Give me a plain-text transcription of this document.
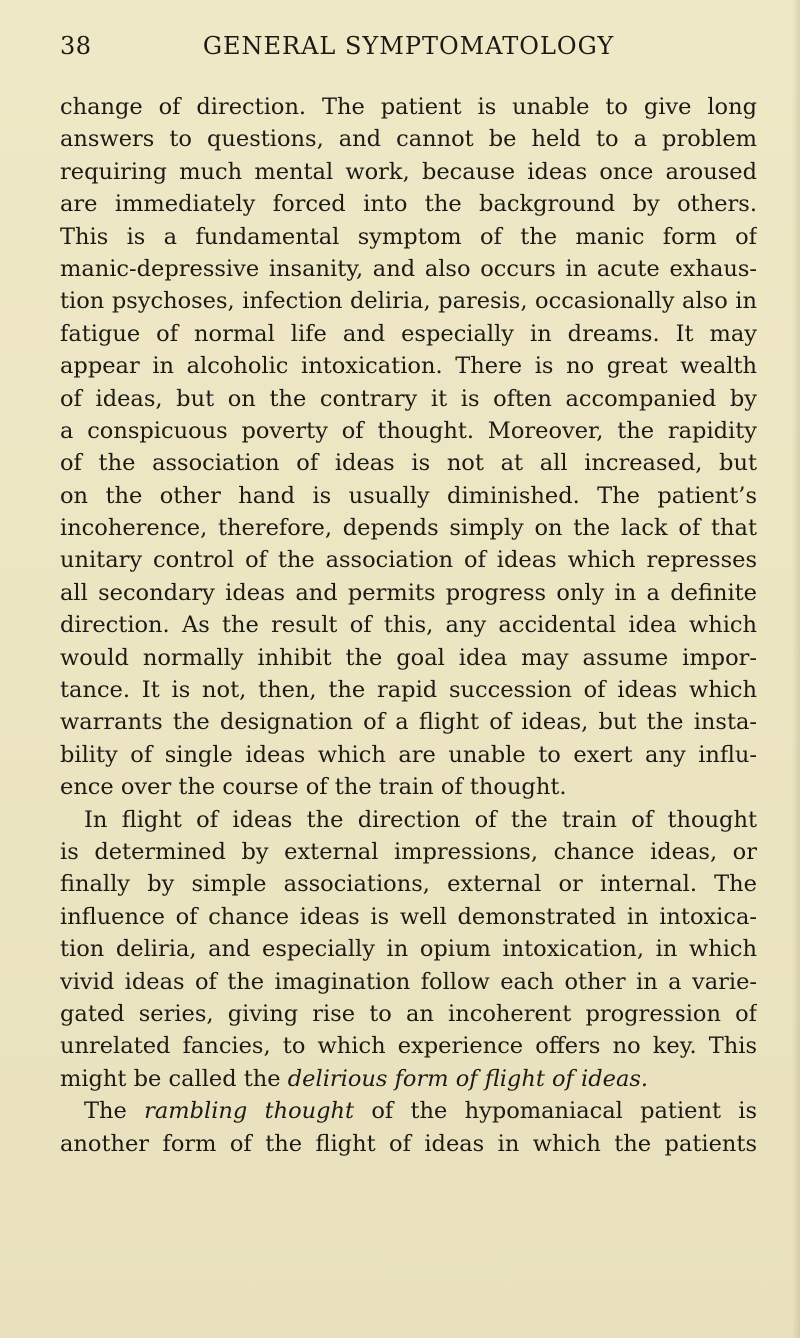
38	GENERAL SYMPTOMATOLOGY
change of direction. The patient is unable to give long
answers to questions, and cannot be held to a problem
requiring much mental work, because ideas once aroused
are immediately forced into the background by others.
This is a fundamental symptom of the manic form of
manic-depressive insanity, and also occurs in acute exhaus-
tion psychoses, infection deliria, paresis, occasionally also in
fatigue of normal life and especially in dreams. It may
appear in alcoholic intoxication. There is no great wealth
of ideas, but on the contrary it is often accompanied by
a conspicuous poverty of thought. Moreover, the rapidity
of the association of ideas is not at all increased, but
on the other hand is usually diminished. The patient’s
incoherence, therefore, depends simply on the lack of that
unitary control of the association of ideas which represses
all secondary ideas and permits progress only in a definite
direction. As the result of this, any accidental idea which
would normally inhibit the goal idea may assume impor-
tance. It is not, then, the rapid succession of ideas which
warrants the designation of a flight of ideas, but the insta-
bility of single ideas which are unable to exert any influ-
ence over the course of the train of thought.
In flight of ideas the direction of the train of thought
is determined by external impressions, chance ideas, or
finally by simple associations, external or internal. The
influence of chance ideas is well demonstrated in intoxica-
tion deliria, and especially in opium intoxication, in which
vivid ideas of the imagination follow each other in a varie-
gated series, giving rise to an incoherent progression of
unrelated fancies, to which experience offers no key. This
might be called the delirious form of flight of ideas.
The rambling thought of the hypomaniacal patient is
another form of the flight of ideas in which the patients
